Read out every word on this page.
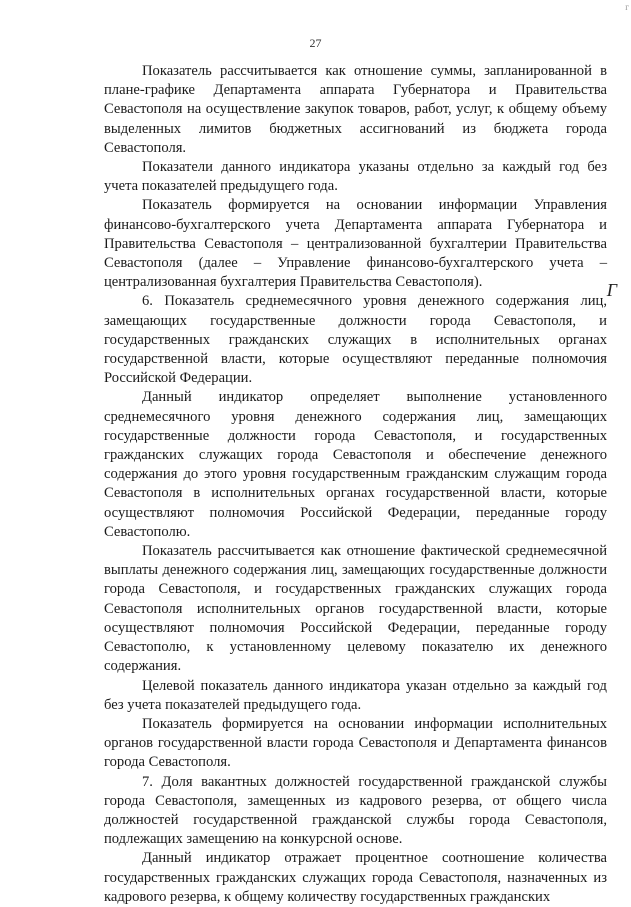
г
27
Г

Показатель рассчитывается как отношение суммы, запланированной в плане-графике Департамента аппарата Губернатора и Правительства Севастополя на осуществление закупок товаров, работ, услуг, к общему объему выделенных лимитов бюджетных ассигнований из бюджета города Севастополя.

Показатели данного индикатора указаны отдельно за каждый год без учета показателей предыдущего года.

Показатель формируется на основании информации Управления финансово-бухгалтерского учета Департамента аппарата Губернатора и Правительства Севастополя – централизованной бухгалтерии Правительства Севастополя (далее – Управление финансово-бухгалтерского учета – централизованная бухгалтерия Правительства Севастополя).

6. Показатель среднемесячного уровня денежного содержания лиц, замещающих государственные должности города Севастополя, и государственных гражданских служащих в исполнительных органах государственной власти, которые осуществляют переданные полномочия Российской Федерации.

Данный индикатор определяет выполнение установленного среднемесячного уровня денежного содержания лиц, замещающих государственные должности города Севастополя, и государственных гражданских служащих города Севастополя и обеспечение денежного содержания до этого уровня государственным гражданским служащим города Севастополя в исполнительных органах государственной власти, которые осуществляют полномочия Российской Федерации, переданные городу Севастополю.

Показатель рассчитывается как отношение фактической среднемесячной выплаты денежного содержания лиц, замещающих государственные должности города Севастополя, и государственных гражданских служащих города Севастополя исполнительных органов государственной власти, которые осуществляют полномочия Российской Федерации, переданные городу Севастополю, к установленному целевому показателю их денежного содержания.

Целевой показатель данного индикатора указан отдельно за каждый год без учета показателей предыдущего года.

Показатель формируется на основании информации исполнительных органов государственной власти города Севастополя и Департамента финансов города Севастополя.

7. Доля вакантных должностей государственной гражданской службы города Севастополя, замещенных из кадрового резерва, от общего числа должностей государственной гражданской службы города Севастополя, подлежащих замещению на конкурсной основе.

Данный индикатор отражает процентное соотношение количества государственных гражданских служащих города Севастополя, назначенных из кадрового резерва, к общему количеству государственных гражданских
